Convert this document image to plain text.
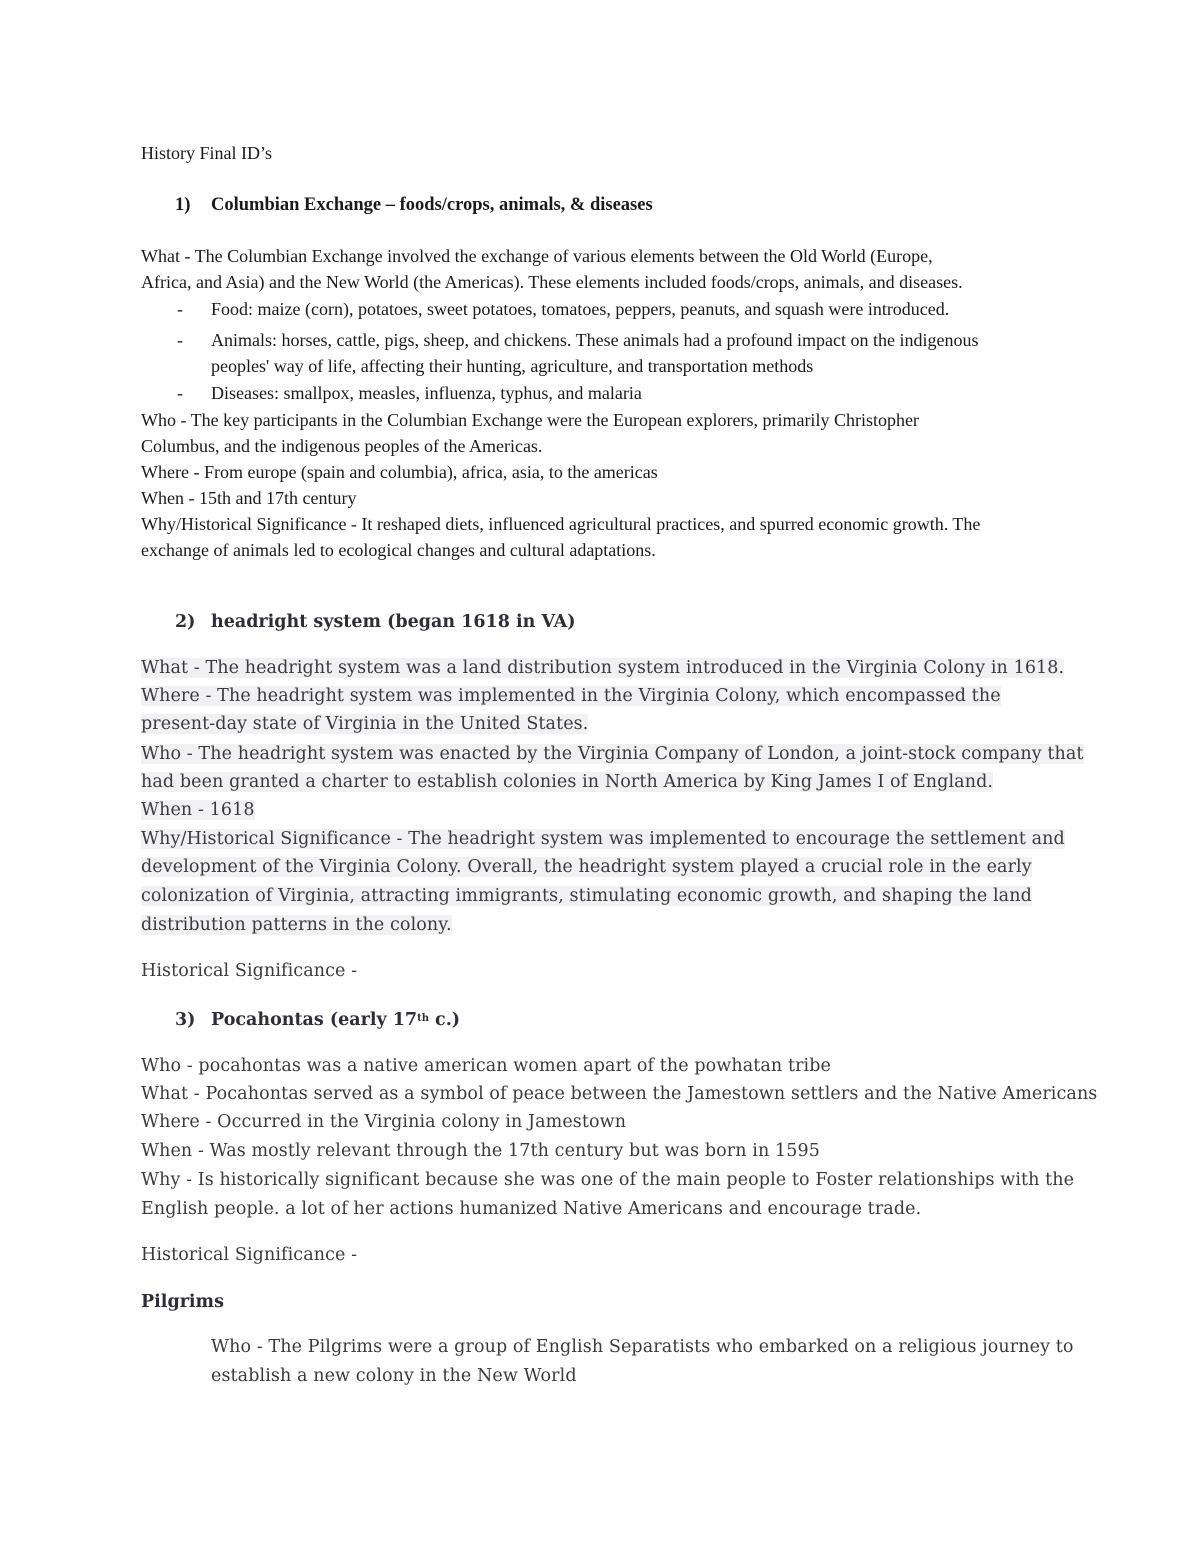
History Final ID’s
1) Columbian Exchange – foods/crops, animals, & diseases
What - The Columbian Exchange involved the exchange of various elements between the Old World (Europe,
Africa, and Asia) and the New World (the Americas). These elements included foods/crops, animals, and diseases.
- Food: maize (corn), potatoes, sweet potatoes, tomatoes, peppers, peanuts, and squash were introduced.
- Animals: horses, cattle, pigs, sheep, and chickens. These animals had a profound impact on the indigenous
peoples' way of life, affecting their hunting, agriculture, and transportation methods
- Diseases: smallpox, measles, influenza, typhus, and malaria
Who - The key participants in the Columbian Exchange were the European explorers, primarily Christopher
Columbus, and the indigenous peoples of the Americas.
Where - From europe (spain and columbia), africa, asia, to the americas
When - 15th and 17th century
Why/Historical Significance - It reshaped diets, influenced agricultural practices, and spurred economic growth. The
exchange of animals led to ecological changes and cultural adaptations.
2) headright system (began 1618 in VA)
What - The headright system was a land distribution system introduced in the Virginia Colony in 1618.
Where - The headright system was implemented in the Virginia Colony, which encompassed the
present-day state of Virginia in the United States.
Who - The headright system was enacted by the Virginia Company of London, a joint-stock company that
had been granted a charter to establish colonies in North America by King James I of England.
When - 1618
Why/Historical Significance - The headright system was implemented to encourage the settlement and
development of the Virginia Colony. Overall, the headright system played a crucial role in the early
colonization of Virginia, attracting immigrants, stimulating economic growth, and shaping the land
distribution patterns in the colony.
Historical Significance -
3) Pocahontas (early 17th c.)
Who - pocahontas was a native american women apart of the powhatan tribe
What - Pocahontas served as a symbol of peace between the Jamestown settlers and the Native Americans
Where - Occurred in the Virginia colony in Jamestown
When - Was mostly relevant through the 17th century but was born in 1595
Why - Is historically significant because she was one of the main people to Foster relationships with the
English people. a lot of her actions humanized Native Americans and encourage trade.
Historical Significance -
Pilgrims
Who - The Pilgrims were a group of English Separatists who embarked on a religious journey to
establish a new colony in the New World
